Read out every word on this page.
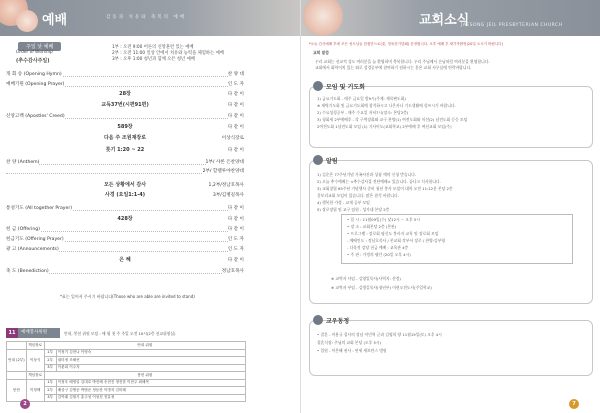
예배	감동과 치유와 축복의 예배
주일 낮 예배
Order of Worship
(추수감사주일)
1부 : 오전 9:00 어른의 신앙훈련 있는 예배
2부 : 오전 11:00 일상 안에서 치유와 능력을 체험하는 예배
3부 : 오후 1:00 청년과 함께 오픈 청년 예배
개 회 송 (Opening Hymn)	찬 양 대
예배기원 (Opening Prayer)	인 도 자
28장	다 같 이
교독37번(시편91편)	다 같 이
신앙고백 (Apostles' Creed)	다 같 이
589장	다 같 이
다음 주 조원재장로	이상식장로
룻기 1:20 ~ 22	다 같 이
찬 양 (Anthem)	1부/ 샤론 은찬양대
2부/ 할렐루야찬양대
모든 상황에서 감사	1,2부/정남호목사
사경 (요일1:1-4)	3부/김병길목사
통성기도 (All together Prayer)	다 같 이
428장	다 같 이
헌 금 (Offering)	다 같 이
헌금기도 (Offering Prayer)	인 도 자
광 고 (Announcements)	인 도 자
은 혜	다 같 이
축 도 (Benediction)	정남호목사
*표는 일어서 주시기 바랍니다(Those who are able are invited to stand)
11	예배봉사위원	안내, 봉헌 위원 모임 : 매 월 첫 주 주일 오전 10시(2층 선교위원실)
	책임장로	안내 위원	
안내 (2부)	이상식	1부	이정기 김현나 이영숙
		2부	권미정 조혜선
		3부	이춘희 이주저
	책임장로	봉헌 위원	
봉헌	이정택	1부	이정우 배영일 김대호 박진혜 송현진 정진한 이현주 최혜목
		2부	배상구 김병준 박범준 정동찬 이명자 김미혜
		3부	김여래 김철기 홍주성 이성천 전유정
2
교회소식
JAESONG JEIL PRESBYTERIAN CHURCH
*오늘 감사예배 후에 모든 성도님들 한집단으로(꽃, 정육천기념패) 증정합니다. 오후 예배 후 새가족환영(20일 오시기 바랍니다)
교회 말씀
우리 교회는 선교적 성도 여러분을 늘 환영하며 축복합니다. 우리 주님께서 손님처럼 여러분을 환영합니다.
교회에서 화학이치 있는 외로 성경공부에 참여하기 원하시는 분은 교회 사무실에 연락바랍니다.
모임 및 기도회
1) 금요기도회 - 매주 금요일 밤9시(주제: 제목판도회)
※ 새벽기도회 및 금요기도회에 참석하시고 나온자나 기도생활에 힘쓰시기 바랍니다.
2) 수요성경공부 - 매주 수요일 저녁7시(장소: 본당2층)
3) 청회새 2부예배후 - 각 구역장회와 교구 찬양(1) 여전도회와 미션(2) 남전도회 등등 모임
2여전도회 1남전도회 모임 (1) 기사이도(교회학교) 2부예배 후 여선교회 모임(주)
알림
1) 김순은 77주년기념 가족사진과 상품 예약 신청 받습니다.
2) 오늘 추수예배는 <추수감사절 전단예배> 있습니다. 끝나고 식사합니다.
3) 교회창립 65주년 기념행사 준비 청년 봉사 모임이 대학 오전 11:12분 본당 2층
갈보리교회 모임이 있습니다. 많은 참석 바랍니다.
4) 행복한 가정 - 교재 공부 모임
5) 장로장립 및 교구 임원 - 성가대 본당 2층
• 일 시 : 11월09일(수) 낮12시 ~ 오후 5시
• 장 소 : 교회본당 2층 (본관)
• 프로그램 : 장로회 평신도 봉사자 교육 및 장로회 모임
- 예배인도 : 정남호목사 / 본교회 각부서 장로 / 찬양:김부영
- 다목적 강당 헌금 예배 : 교육관 4층
• 주 관 : 가정의 평안 (20일 오후 4시)
※ 교역자 사임 - 김영일목사(사역지: 선정)
※ 교역자 부임 - 김병길목사(청년부) 이현오전도사(주일학교)
교우동정
• 결혼 - 이용규 집사의 장남 이민혁 군과 김영희 양 11월19일(토) 오후 4시
결혼식장: 주님의 교회 본당 (오후 5시)
• 입원 - 이은혜 권사 : 연세 세브란스 병원
7
